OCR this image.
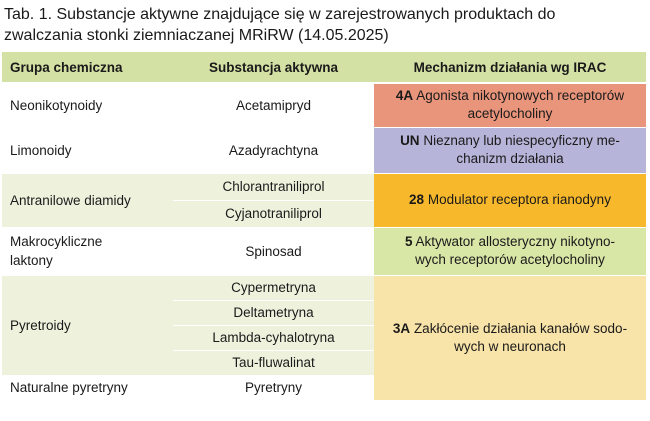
Tab. 1. Substancje aktywne znajdujące się w zarejestrowanych produktach do
zwalczania stonki ziemniaczanej MRiRW (14.05.2025)
Grupa chemiczna	Substancja aktywna	Mechanizm działania wg IRAC
Neonikotynoidy	Acetamipryd	4A Agonista nikotynowych receptorów
acetylocholiny
Limonoidy	Azadyrachtyna	UN Nieznany lub niespecyficzny me-
chanizm działania
Antranilowe diamidy	Chlorantraniliprol	28 Modulator receptora rianodyny
	Cyjanotraniliprol	
Makrocykliczne
laktony	Spinosad	5 Aktywator allosteryczny nikotyno-
wych receptorów acetylocholiny
Pyretroidy	Cypermetryna	3A Zakłócenie działania kanałów sodo-
wych w neuronach
	Deltametryna	
	Lambda-cyhalotryna	
	Tau-fluwalinat	
Naturalne pyretryny	Pyretryny	
